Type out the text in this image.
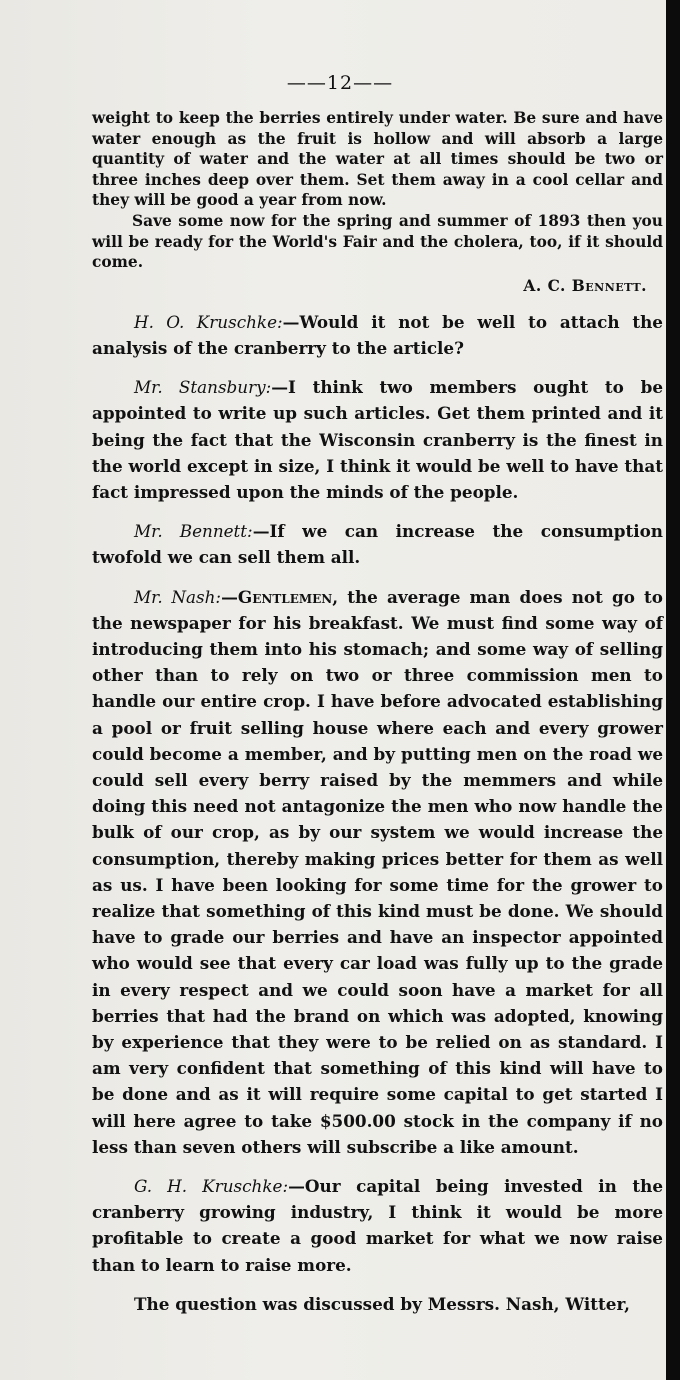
——12——

weight to keep the berries entirely under water. Be sure and have water enough as the fruit is hollow and will absorb a large quantity of water and the water at all times should be two or three inches deep over them. Set them away in a cool cellar and they will be good a year from now.

Save some now for the spring and summer of 1893 then you will be ready for the World's Fair and the cholera, too, if it should come.

A. C. Bennett.

H. O. Kruschke:—Would it not be well to attach the analysis of the cranberry to the article?

Mr. Stansbury:—I think two members ought to be appointed to write up such articles. Get them printed and it being the fact that the Wisconsin cranberry is the finest in the world except in size, I think it would be well to have that fact impressed upon the minds of the people.

Mr. Bennett:—If we can increase the consumption twofold we can sell them all.

Mr. Nash:—Gentlemen, the average man does not go to the newspaper for his breakfast. We must find some way of introducing them into his stomach; and some way of selling other than to rely on two or three commission men to handle our entire crop. I have before advocated establishing a pool or fruit selling house where each and every grower could become a member, and by putting men on the road we could sell every berry raised by the memmers and while doing this need not antagonize the men who now handle the bulk of our crop, as by our system we would increase the consumption, thereby making prices better for them as well as us. I have been looking for some time for the grower to realize that something of this kind must be done. We should have to grade our berries and have an inspector appointed who would see that every car load was fully up to the grade in every respect and we could soon have a market for all berries that had the brand on which was adopted, knowing by experience that they were to be relied on as standard. I am very confident that something of this kind will have to be done and as it will require some capital to get started I will here agree to take $500.00 stock in the company if no less than seven others will subscribe a like amount.

G. H. Kruschke:—Our capital being invested in the cranberry growing industry, I think it would be more profitable to create a good market for what we now raise than to learn to raise more.

The question was discussed by Messrs. Nash, Witter,
